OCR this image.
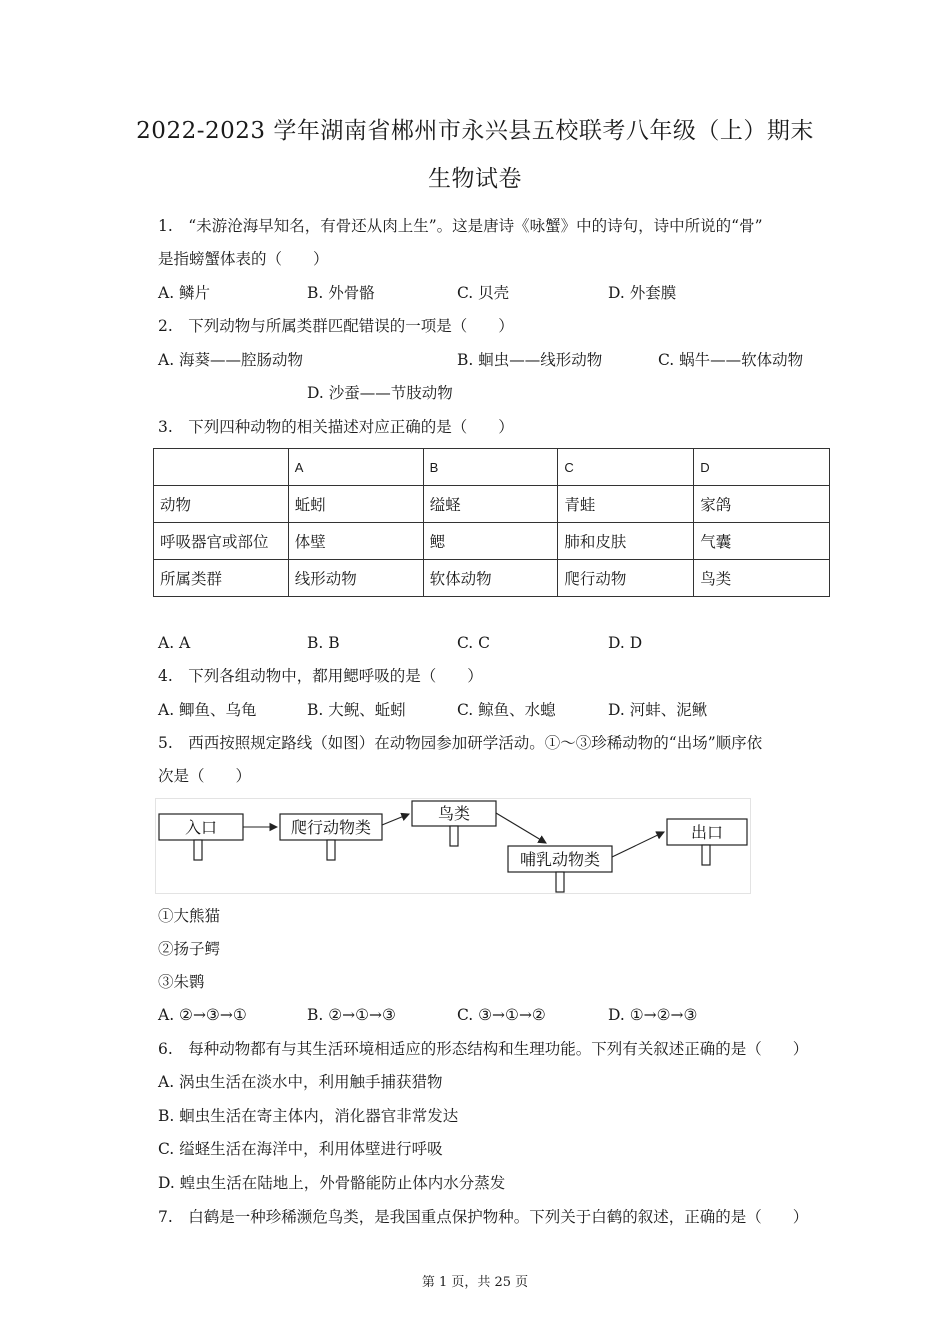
2022-2023 学年湖南省郴州市永兴县五校联考八年级（上）期末
生物试卷
1.　“未游沧海早知名，有骨还从肉上生”。这是唐诗《咏蟹》中的诗句，诗中所说的“骨”
是指螃蟹体表的（　　）
A. 鳞片	B. 外骨骼	C. 贝壳	D. 外套膜
2.　下列动物与所属类群匹配错误的一项是（　　）
A. 海葵——腔肠动物	B. 蛔虫——线形动物	C. 蜗牛——软体动物
D. 沙蚕——节肢动物
3.　下列四种动物的相关描述对应正确的是（　　）
	A	B	C	D
动物	蚯蚓	缢蛏	青蛙	家鸽
呼吸器官或部位	体壁	鳃	肺和皮肤	气囊
所属类群	线形动物	软体动物	爬行动物	鸟类
A. A	B. B	C. C	D. D
4.　下列各组动物中，都用鳃呼吸的是（　　）
A. 鲫鱼、乌龟	B. 大鲵、蚯蚓	C. 鲸鱼、水螅	D. 河蚌、泥鳅
5.　西西按照规定路线（如图）在动物园参加研学活动。①～③珍稀动物的“出场”顺序依
次是（　　）
入口	爬行动物类
鸟类
哺乳动物类
出口
①大熊猫
②扬子鳄
③朱鹮
A. ②→③→①	B. ②→①→③	C. ③→①→②	D. ①→②→③
6.　每种动物都有与其生活环境相适应的形态结构和生理功能。下列有关叙述正确的是（　　）
A. 涡虫生活在淡水中，利用触手捕获猎物
B. 蛔虫生活在寄主体内，消化器官非常发达
C. 缢蛏生活在海洋中，利用体壁进行呼吸
D. 蝗虫生活在陆地上，外骨骼能防止体内水分蒸发
7.　白鹤是一种珍稀濒危鸟类，是我国重点保护物种。下列关于白鹤的叙述，正确的是（　　）
第 1 页，共 25 页
